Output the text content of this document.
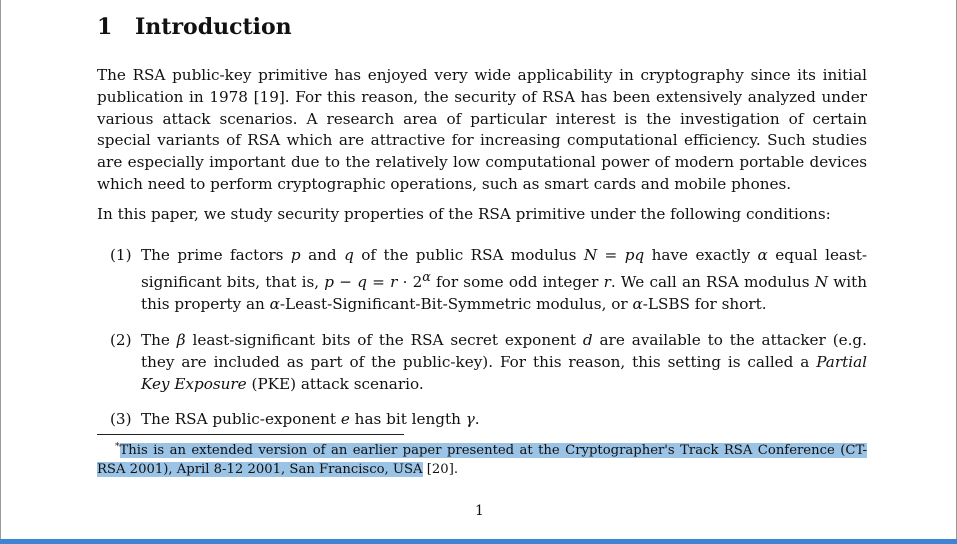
1 Introduction

The RSA public-key primitive has enjoyed very wide applicability in cryptography since its initial publication in 1978 [19]. For this reason, the security of RSA has been extensively analyzed under various attack scenarios. A research area of particular interest is the investigation of certain special variants of RSA which are attractive for increasing computational efficiency. Such studies are especially important due to the relatively low computational power of modern portable devices which need to perform cryptographic operations, such as smart cards and mobile phones.

In this paper, we study security properties of the RSA primitive under the following conditions:

(1) The prime factors p and q of the public RSA modulus N = pq have exactly α equal least-significant bits, that is, $p - q = r \cdot 2^\alpha$ for some odd integer r. We call an RSA modulus N with this property an α-Least-Significant-Bit-Symmetric modulus, or α-LSBS for short.
(2) The β least-significant bits of the RSA secret exponent d are available to the attacker (e.g. they are included as part of the public-key). For this reason, this setting is called a Partial Key Exposure (PKE) attack scenario.
(3) The RSA public-exponent e has bit length γ.
*This is an extended version of an earlier paper presented at the Cryptographer's Track RSA Conference (CT-RSA 2001), April 8-12 2001, San Francisco, USA [20].
1
